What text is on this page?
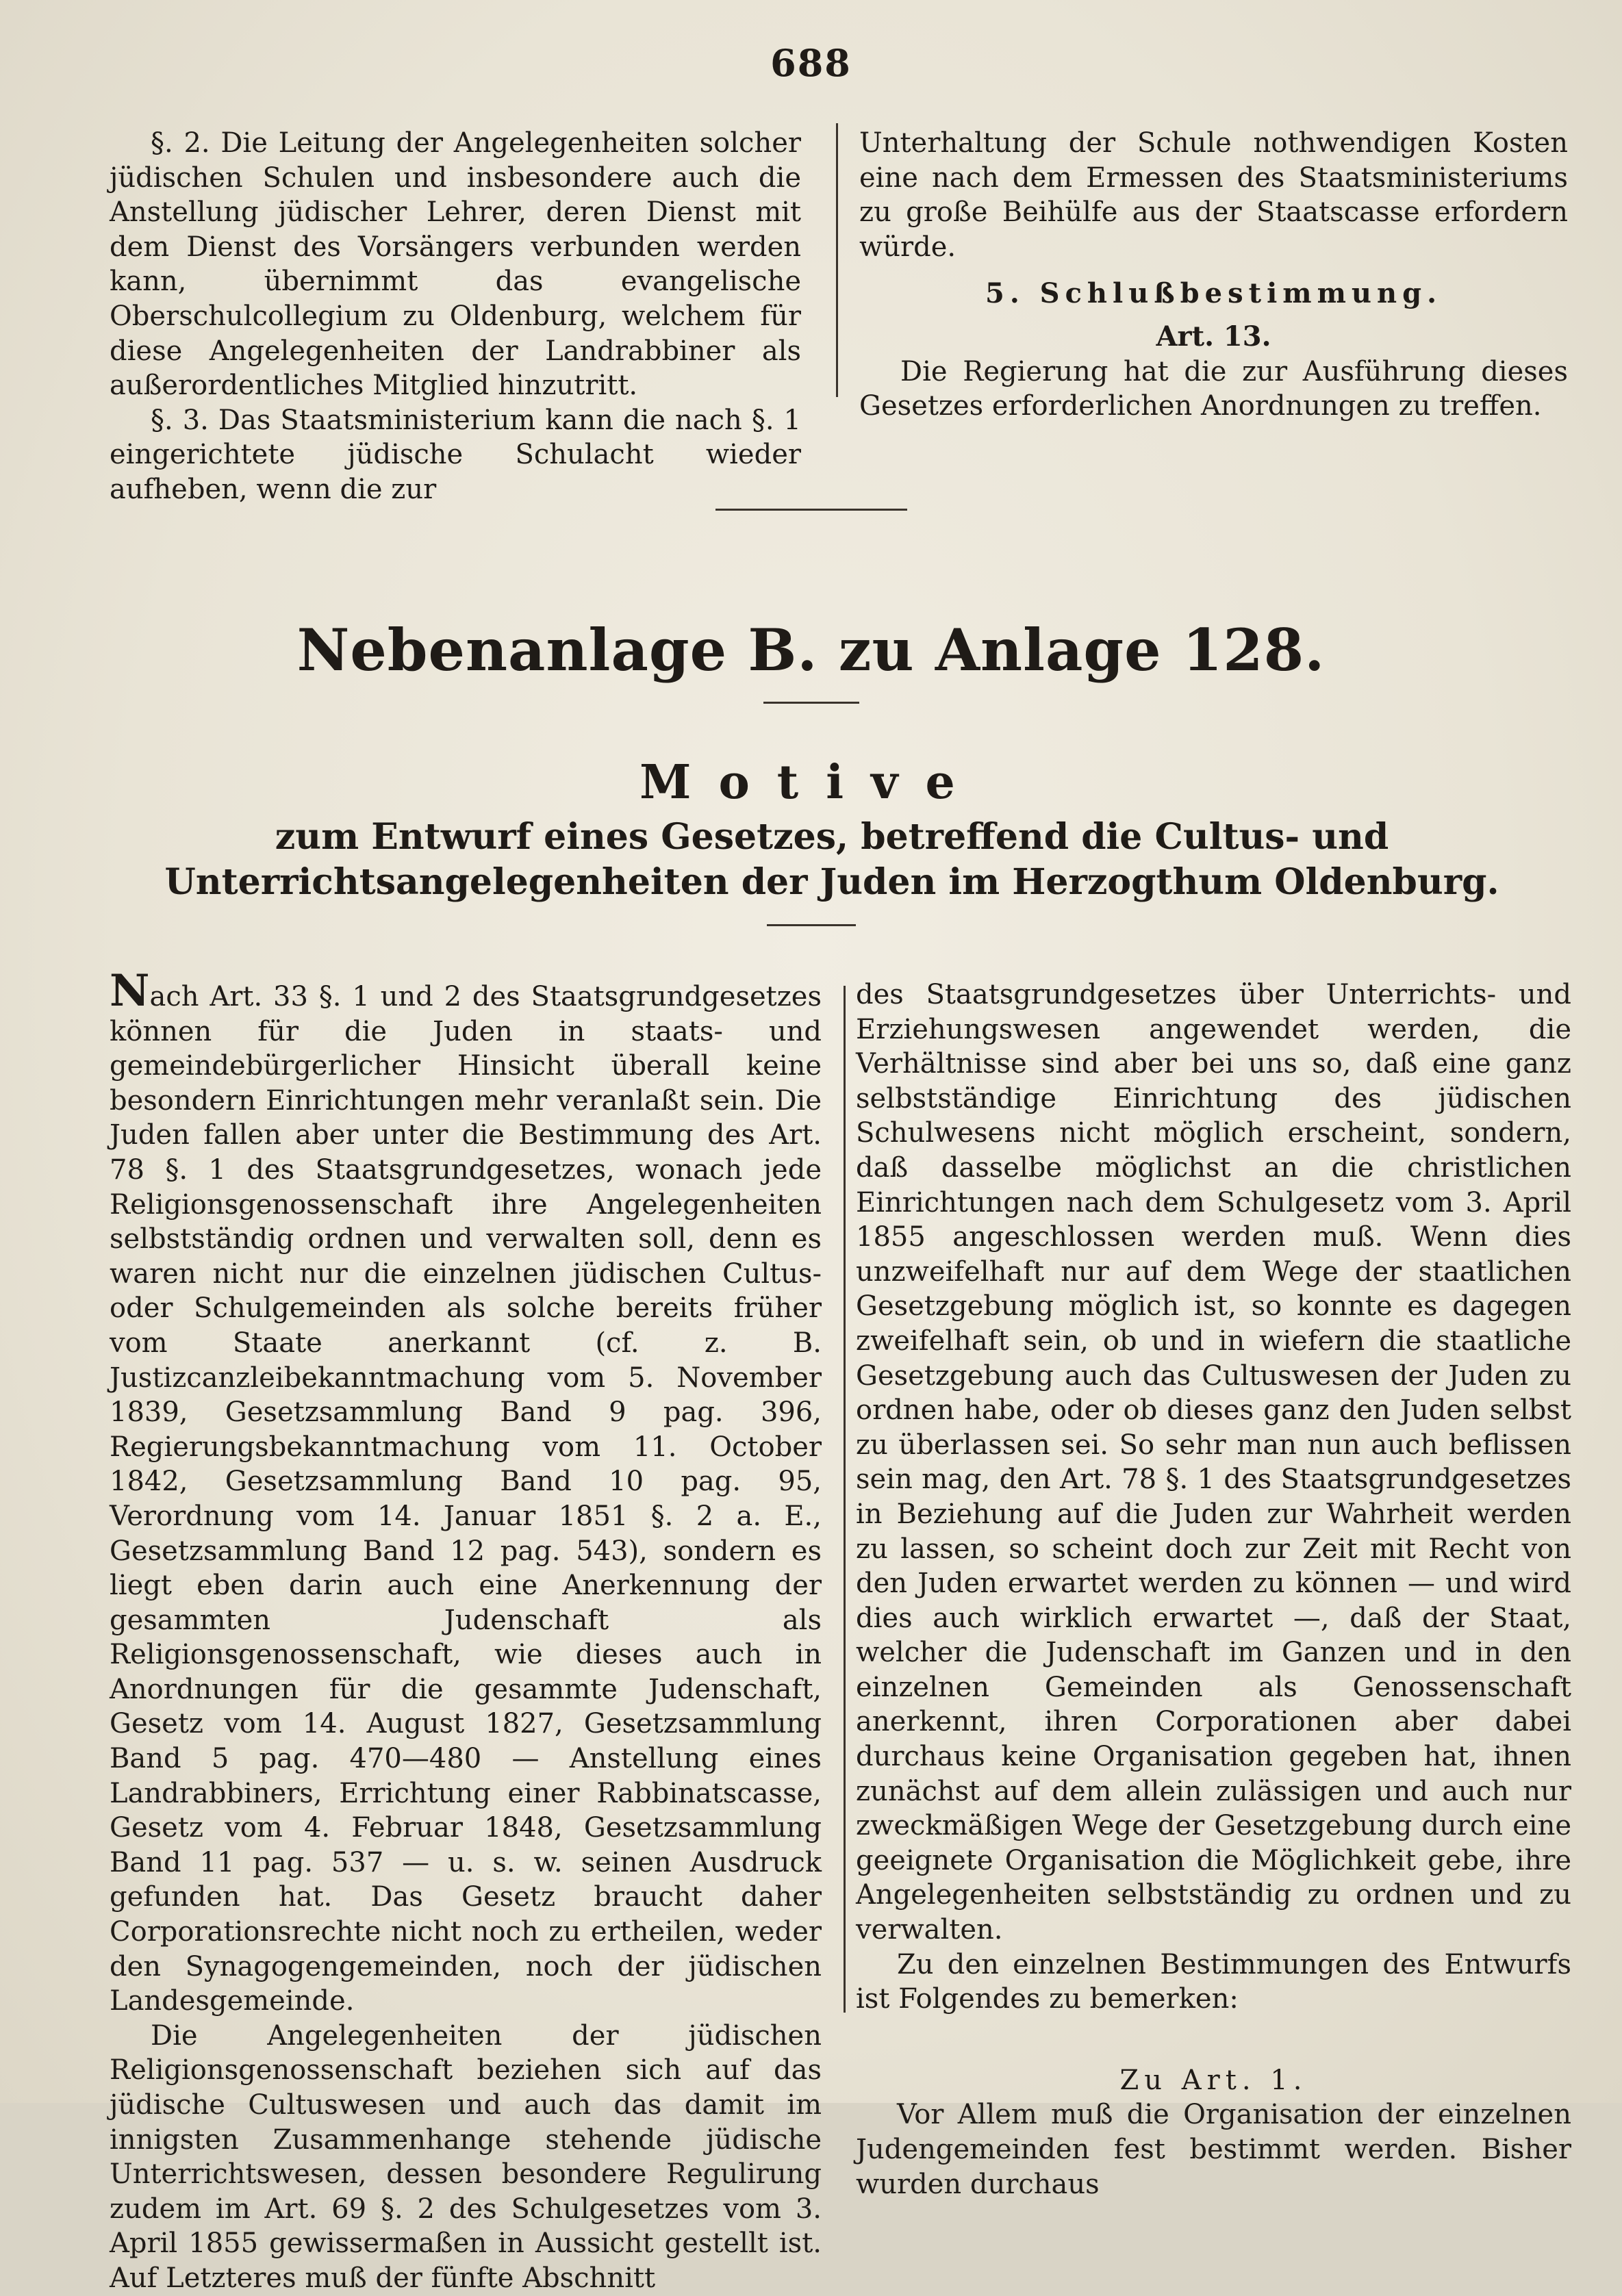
688

§. 2. Die Leitung der Angelegenheiten solcher jüdischen Schulen und insbesondere auch die Anstellung jüdischer Lehrer, deren Dienst mit dem Dienst des Vorsängers verbunden werden kann, übernimmt das evangelische Oberschulcollegium zu Oldenburg, welchem für diese Angelegenheiten der Landrabbiner als außerordentliches Mitglied hinzutritt.

§. 3. Das Staatsministerium kann die nach §. 1 eingerichtete jüdische Schulacht wieder aufheben, wenn die zur

Unterhaltung der Schule nothwendigen Kosten eine nach dem Ermessen des Staatsministeriums zu große Beihülfe aus der Staatscasse erfordern würde.

5. Schlußbestimmung.

Art. 13.

Die Regierung hat die zur Ausführung dieses Gesetzes erforderlichen Anordnungen zu treffen.

Nebenanlage B. zu Anlage 128.
Motive
zum Entwurf eines Gesetzes, betreffend die Cultus- und Unterrichtsangelegenheiten der Juden im Herzogthum Oldenburg.

Nach Art. 33 §. 1 und 2 des Staatsgrundgesetzes können für die Juden in staats- und gemeindebürgerlicher Hinsicht überall keine besondern Einrichtungen mehr veranlaßt sein. Die Juden fallen aber unter die Bestimmung des Art. 78 §. 1 des Staatsgrundgesetzes, wonach jede Religionsgenossenschaft ihre Angelegenheiten selbstständig ordnen und verwalten soll, denn es waren nicht nur die einzelnen jüdischen Cultus- oder Schulgemeinden als solche bereits früher vom Staate anerkannt (cf. z. B. Justizcanzleibekanntmachung vom 5. November 1839, Gesetzsammlung Band 9 pag. 396, Regierungsbekanntmachung vom 11. October 1842, Gesetzsammlung Band 10 pag. 95, Verordnung vom 14. Januar 1851 §. 2 a. E., Gesetzsammlung Band 12 pag. 543), sondern es liegt eben darin auch eine Anerkennung der gesammten Judenschaft als Religionsgenossenschaft, wie dieses auch in Anordnungen für die gesammte Judenschaft, Gesetz vom 14. August 1827, Gesetzsammlung Band 5 pag. 470—480 — Anstellung eines Landrabbiners, Errichtung einer Rabbinatscasse, Gesetz vom 4. Februar 1848, Gesetzsammlung Band 11 pag. 537 — u. s. w. seinen Ausdruck gefunden hat. Das Gesetz braucht daher Corporationsrechte nicht noch zu ertheilen, weder den Synagogengemeinden, noch der jüdischen Landesgemeinde.

Die Angelegenheiten der jüdischen Religionsgenossenschaft beziehen sich auf das jüdische Cultuswesen und auch das damit im innigsten Zusammenhange stehende jüdische Unterrichtswesen, dessen besondere Regulirung zudem im Art. 69 §. 2 des Schulgesetzes vom 3. April 1855 gewissermaßen in Aussicht gestellt ist. Auf Letzteres muß der fünfte Abschnitt

des Staatsgrundgesetzes über Unterrichts- und Erziehungswesen angewendet werden, die Verhältnisse sind aber bei uns so, daß eine ganz selbstständige Einrichtung des jüdischen Schulwesens nicht möglich erscheint, sondern, daß dasselbe möglichst an die christlichen Einrichtungen nach dem Schulgesetz vom 3. April 1855 angeschlossen werden muß. Wenn dies unzweifelhaft nur auf dem Wege der staatlichen Gesetzgebung möglich ist, so konnte es dagegen zweifelhaft sein, ob und in wiefern die staatliche Gesetzgebung auch das Cultuswesen der Juden zu ordnen habe, oder ob dieses ganz den Juden selbst zu überlassen sei. So sehr man nun auch beflissen sein mag, den Art. 78 §. 1 des Staatsgrundgesetzes in Beziehung auf die Juden zur Wahrheit werden zu lassen, so scheint doch zur Zeit mit Recht von den Juden erwartet werden zu können — und wird dies auch wirklich erwartet —, daß der Staat, welcher die Judenschaft im Ganzen und in den einzelnen Gemeinden als Genossenschaft anerkennt, ihren Corporationen aber dabei durchaus keine Organisation gegeben hat, ihnen zunächst auf dem allein zulässigen und auch nur zweckmäßigen Wege der Gesetzgebung durch eine geeignete Organisation die Möglichkeit gebe, ihre Angelegenheiten selbstständig zu ordnen und zu verwalten.

Zu den einzelnen Bestimmungen des Entwurfs ist Folgendes zu bemerken:

Zu Art. 1.

Vor Allem muß die Organisation der einzelnen Judengemeinden fest bestimmt werden. Bisher wurden durchaus
